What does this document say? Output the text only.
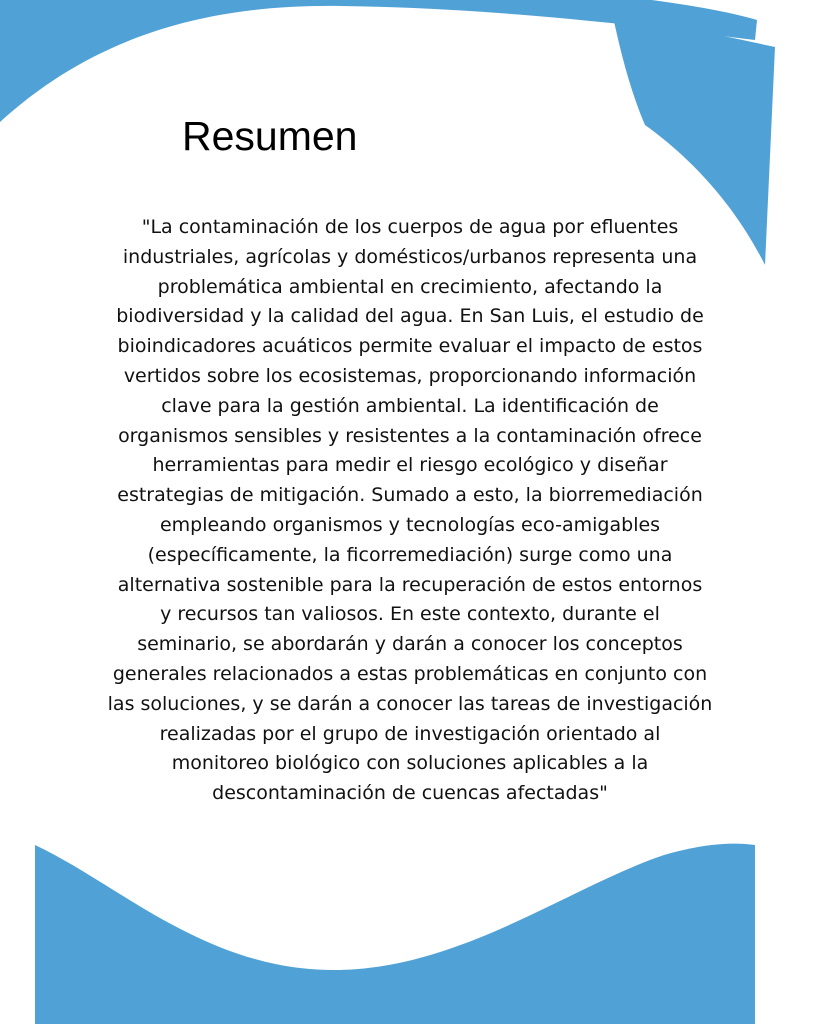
Resumen
"La contaminación de los cuerpos de agua por efluentes
industriales, agrícolas y domésticos/urbanos representa una
problemática ambiental en crecimiento, afectando la
biodiversidad y la calidad del agua. En San Luis, el estudio de
bioindicadores acuáticos permite evaluar el impacto de estos
vertidos sobre los ecosistemas, proporcionando información
clave para la gestión ambiental. La identificación de
organismos sensibles y resistentes a la contaminación ofrece
herramientas para medir el riesgo ecológico y diseñar
estrategias de mitigación. Sumado a esto, la biorremediación
empleando organismos y tecnologías eco-amigables
(específicamente, la ficorremediación) surge como una
alternativa sostenible para la recuperación de estos entornos
y recursos tan valiosos. En este contexto, durante el
seminario, se abordarán y darán a conocer los conceptos
generales relacionados a estas problemáticas en conjunto con
las soluciones, y se darán a conocer las tareas de investigación
realizadas por el grupo de investigación orientado al
monitoreo biológico con soluciones aplicables a la
descontaminación de cuencas afectadas"
